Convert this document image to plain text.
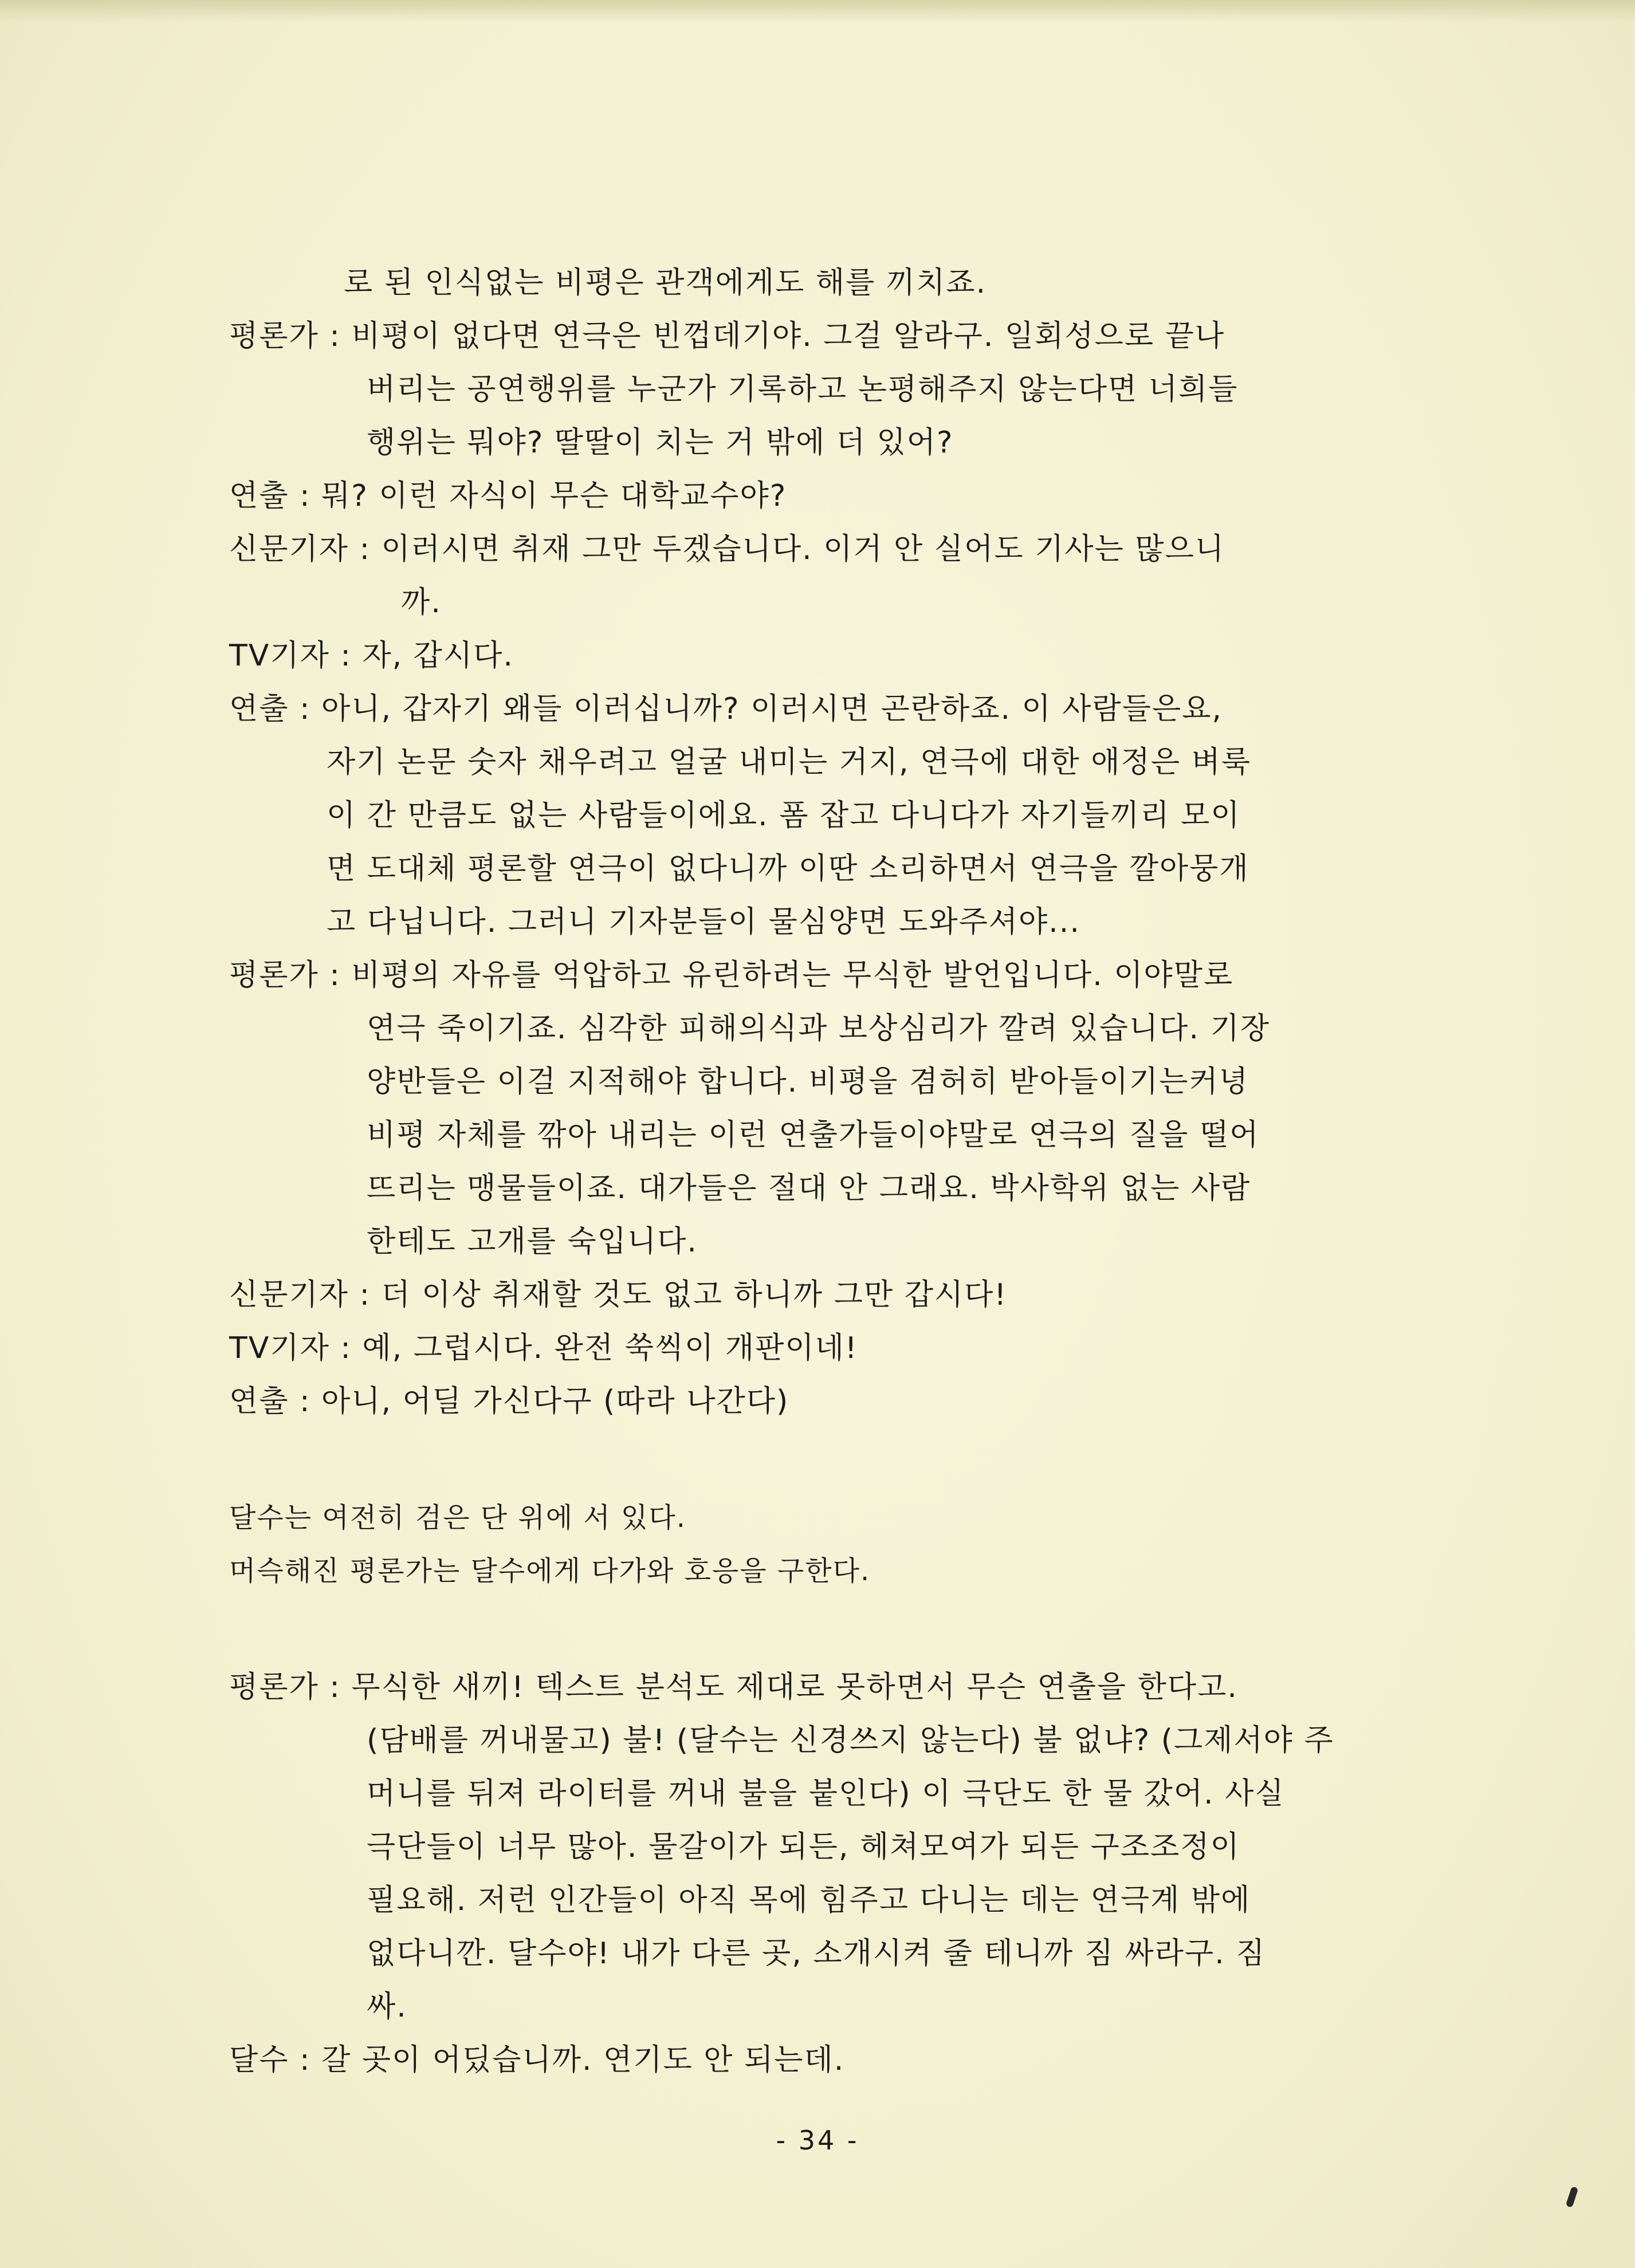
로 된 인식없는 비평은 관객에게도 해를 끼치죠.

평론가 : 비평이 없다면 연극은 빈껍데기야. 그걸 알라구. 일회성으로 끝나

버리는 공연행위를 누군가 기록하고 논평해주지 않는다면 너희들

행위는 뭐야? 딸딸이 치는 거 밖에 더 있어?

연출 : 뭐? 이런 자식이 무슨 대학교수야?

신문기자 : 이러시면 취재 그만 두겠습니다. 이거 안 실어도 기사는 많으니

까.

TV기자 : 자, 갑시다.

연출 : 아니, 갑자기 왜들 이러십니까? 이러시면 곤란하죠. 이 사람들은요,

자기 논문 숫자 채우려고 얼굴 내미는 거지, 연극에 대한 애정은 벼룩

이 간 만큼도 없는 사람들이에요. 폼 잡고 다니다가 자기들끼리 모이

면 도대체 평론할 연극이 없다니까 이딴 소리하면서 연극을 깔아뭉개

고 다닙니다. 그러니 기자분들이 물심양면 도와주셔야...

평론가 : 비평의 자유를 억압하고 유린하려는 무식한 발언입니다. 이야말로

연극 죽이기죠. 심각한 피해의식과 보상심리가 깔려 있습니다. 기장

양반들은 이걸 지적해야 합니다. 비평을 겸허히 받아들이기는커녕

비평 자체를 깎아 내리는 이런 연출가들이야말로 연극의 질을 떨어

뜨리는 맹물들이죠. 대가들은 절대 안 그래요. 박사학위 없는 사람

한테도 고개를 숙입니다.

신문기자 : 더 이상 취재할 것도 없고 하니까 그만 갑시다!

TV기자 : 예, 그럽시다. 완전 쑥씩이 개판이네!

연출 : 아니, 어딜 가신다구 (따라 나간다)

달수는 여전히 검은 단 위에 서 있다.

머슥해진 평론가는 달수에게 다가와 호응을 구한다.

평론가 : 무식한 새끼! 텍스트 분석도 제대로 못하면서 무슨 연출을 한다고.

(담배를 꺼내물고) 불! (달수는 신경쓰지 않는다) 불 없냐? (그제서야 주

머니를 뒤져 라이터를 꺼내 불을 붙인다) 이 극단도 한 물 갔어. 사실

극단들이 너무 많아. 물갈이가 되든, 헤쳐모여가 되든 구조조정이

필요해. 저런 인간들이 아직 목에 힘주고 다니는 데는 연극계 밖에

없다니깐. 달수야! 내가 다른 곳, 소개시켜 줄 테니까 짐 싸라구. 짐

싸.

달수 : 갈 곳이 어딨습니까. 연기도 안 되는데.

- 34 -
